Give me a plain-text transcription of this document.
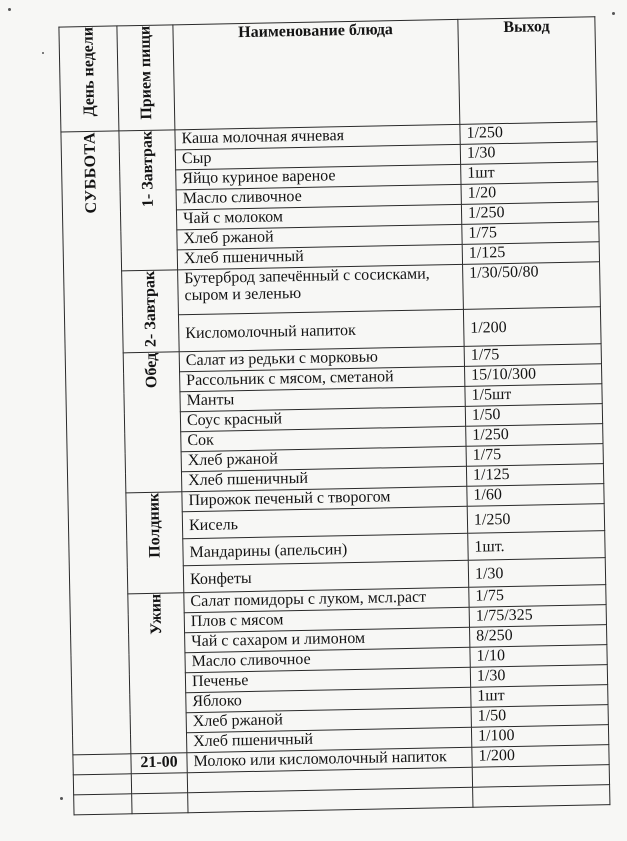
День недели	Прием пищи	Наименование блюда	Выход

СУББОТА	1- Завтрак	Каша молочная ячневая	1/250
		Сыр	1/30
		Яйцо куриное вареное	1шт
		Масло сливочное	1/20
		Чай с молоком	1/250
		Хлеб ржаной	1/75
		Хлеб пшеничный	1/125

	2- Завтрак	Бутерброд запечённый с сосисками, сыром и зеленью	1/30/50/80
		Кисломолочный напиток	1/200

	Обед	Салат из редьки с морковью	1/75
		Рассольник с мясом, сметаной	15/10/300
		Манты	1/5шт
		Соус красный	1/50
		Сок	1/250
		Хлеб ржаной	1/75
		Хлеб пшеничный	1/125

	Полдник	Пирожок печеный с творогом	1/60
		Кисель	1/250
		Мандарины (апельсин)	1шт.
		Конфеты	1/30

	Ужин	Салат помидоры с луком, мсл.раст	1/75
		Плов с мясом	1/75/325
		Чай с сахаром и лимоном	8/250
		Масло сливочное	1/10
		Печенье	1/30
		Яблоко	1шт
		Хлеб ржаной	1/50
		Хлеб пшеничный	1/100
	21-00	Молоко или кисломолочный напиток	1/200
